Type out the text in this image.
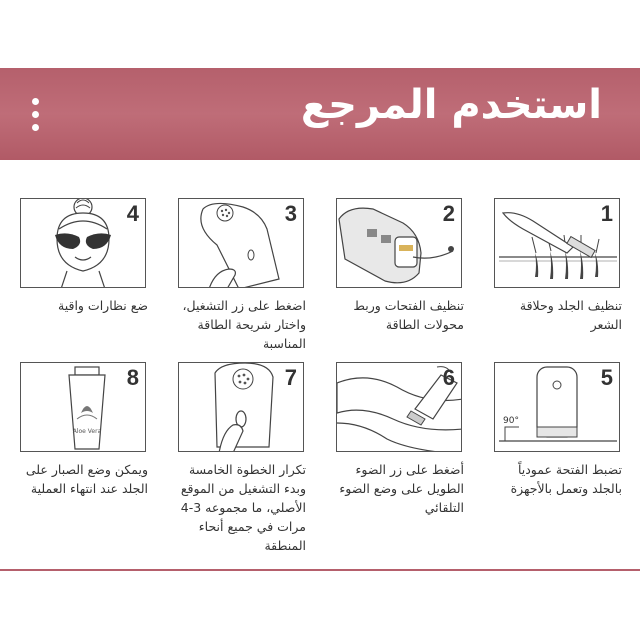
استخدم المرجع
1
تنظيف الجلد وحلاقة الشعر
2
تنظيف الفتحات وربط محولات الطاقة
3
اضغط على زر التشغيل، واختار شريحة الطاقة المناسبة
4
ضع نظارات واقية
90°
5
تضبط الفتحة عمودياً بالجلد وتعمل بالأجهزة
6
أضغط على زر الضوء الطويل على وضع الضوء التلقائي
7
تكرار الخطوة الخامسة وبدء التشغيل من الموقع الأصلي، ما مجموعه 3-4 مرات في جميع أنحاء المنطقة
Aloe Vera
8
ويمكن وضع الصبار على الجلد عند انتهاء العملية
